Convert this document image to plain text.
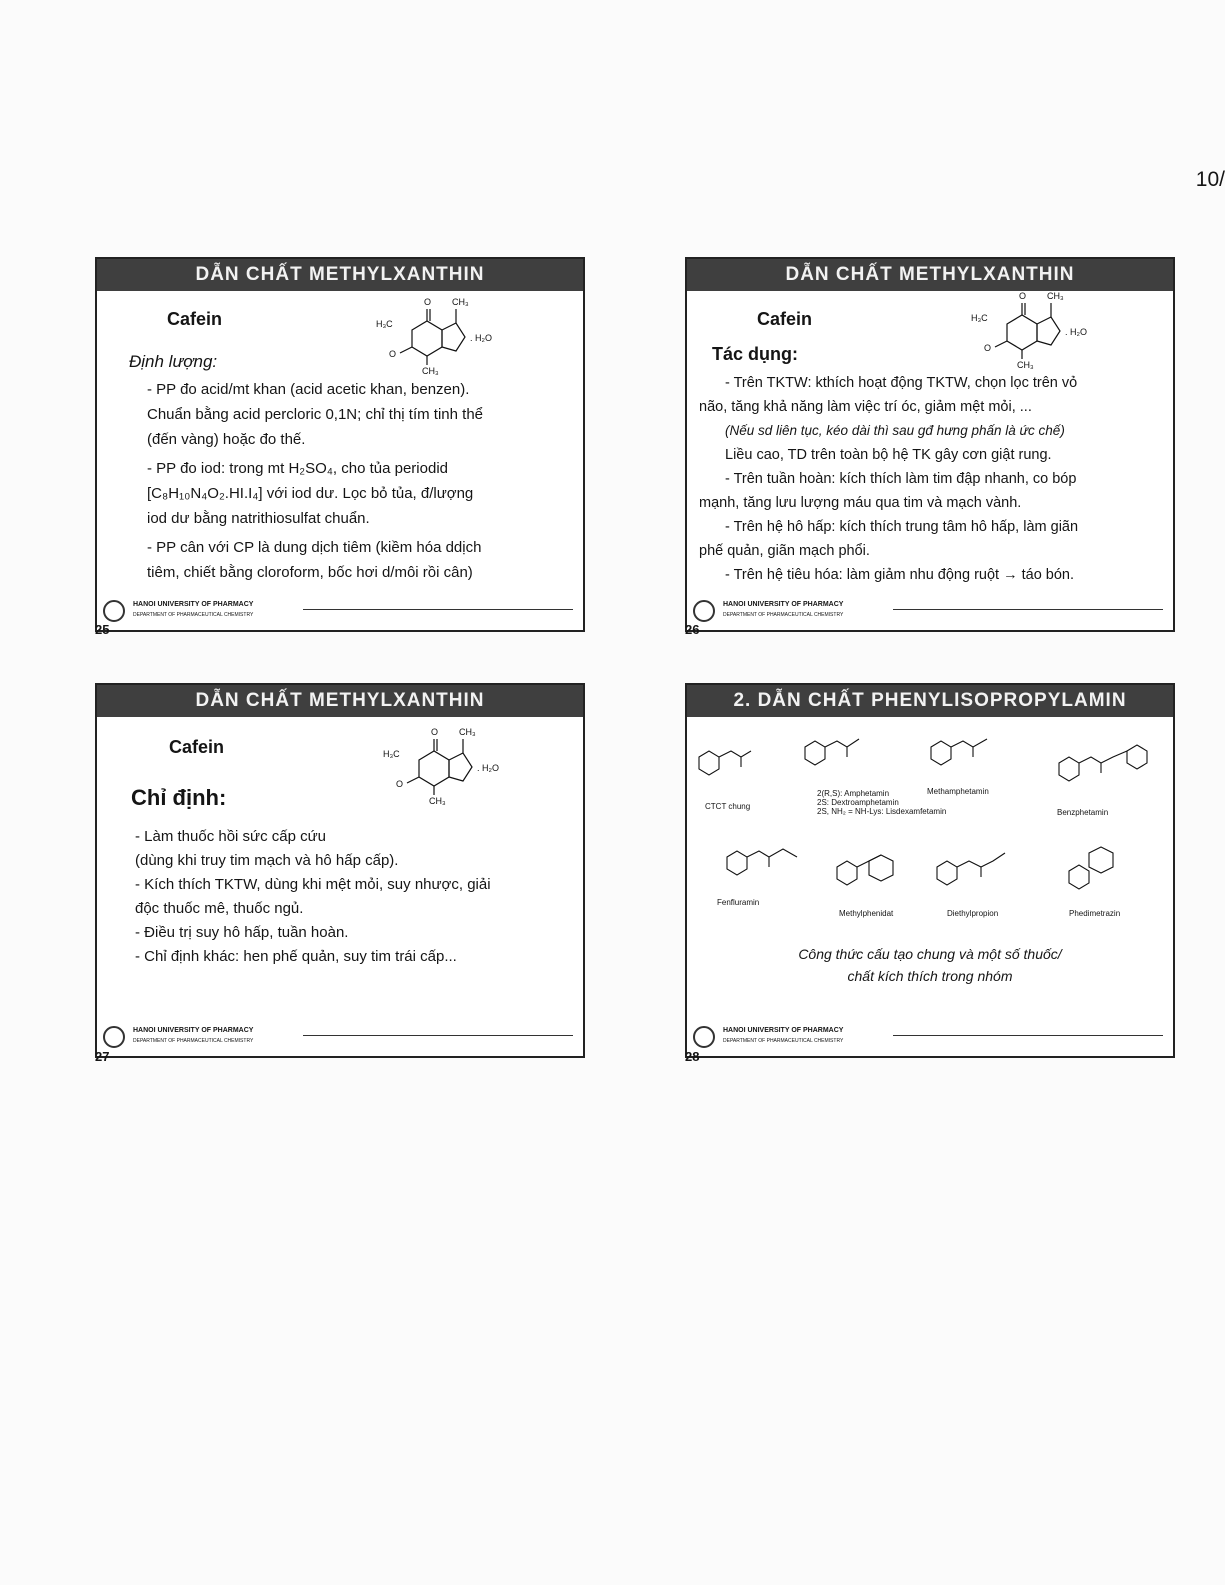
10/
DẪN CHẤT METHYLXANTHIN
Cafein
O CH₃
H₃C
O
CH₃
. H₂O
Định lượng:

- PP đo acid/mt khan (acid acetic khan, benzen).

Chuẩn bằng acid percloric 0,1N; chỉ thị tím tinh thể

(đến vàng) hoặc đo thế.

- PP đo iod: trong mt H₂SO₄, cho tủa periodid

[C₈H₁₀N₄O₂.HI.I₄] với iod dư. Lọc bỏ tủa, đ/lượng

iod dư bằng natrithiosulfat chuẩn.

- PP cân với CP là dung dịch tiêm (kiềm hóa ddịch

tiêm, chiết bằng cloroform, bốc hơi d/môi rồi cân)

HANOI UNIVERSITY OF PHARMACY
DEPARTMENT OF PHARMACEUTICAL CHEMISTRY
25
DẪN CHẤT METHYLXANTHIN
Cafein
O CH₃
H₃C
O
CH₃
. H₂O
Tác dụng:

- Trên TKTW: kthích hoạt động TKTW, chọn lọc trên vỏ

não, tăng khả năng làm việc trí óc, giảm mệt mỏi, ...

(Nếu sd liên tục, kéo dài thì sau gđ hưng phấn là ức chế)

Liều cao, TD trên toàn bộ hệ TK gây cơn giật rung.

- Trên tuần hoàn: kích thích làm tim đập nhanh, co bóp

mạnh, tăng lưu lượng máu qua tim và mạch vành.

- Trên hệ hô hấp: kích thích trung tâm hô hấp, làm giãn

phế quản, giãn mạch phổi.

- Trên hệ tiêu hóa: làm giảm nhu động ruột → táo bón.

HANOI UNIVERSITY OF PHARMACY
DEPARTMENT OF PHARMACEUTICAL CHEMISTRY
26
DẪN CHẤT METHYLXANTHIN
Cafein
O CH₃
H₃C
O
CH₃
. H₂O
Chỉ định:

- Làm thuốc hồi sức cấp cứu

(dùng khi truy tim mạch và hô hấp cấp).

- Kích thích TKTW, dùng khi mệt mỏi, suy nhược, giải

độc thuốc mê, thuốc ngủ.

- Điều trị suy hô hấp, tuần hoàn.

- Chỉ định khác: hen phế quản, suy tim trái cấp...

HANOI UNIVERSITY OF PHARMACY
DEPARTMENT OF PHARMACEUTICAL CHEMISTRY
27
2. DẪN CHẤT PHENYLISOPROPYLAMIN
CTCT chung
2(R,S): Amphetamin
2S: Dextroamphetamin
2S, NH₂ = NH-Lys: Lisdexamfetamin
Methamphetamin
Benzphetamin
Fenfluramin
Methylphenidat	Diethylpropion	Phedimetrazin
Công thức cấu tạo chung và một số thuốc/
chất kích thích trong nhóm
HANOI UNIVERSITY OF PHARMACY
DEPARTMENT OF PHARMACEUTICAL CHEMISTRY
28
